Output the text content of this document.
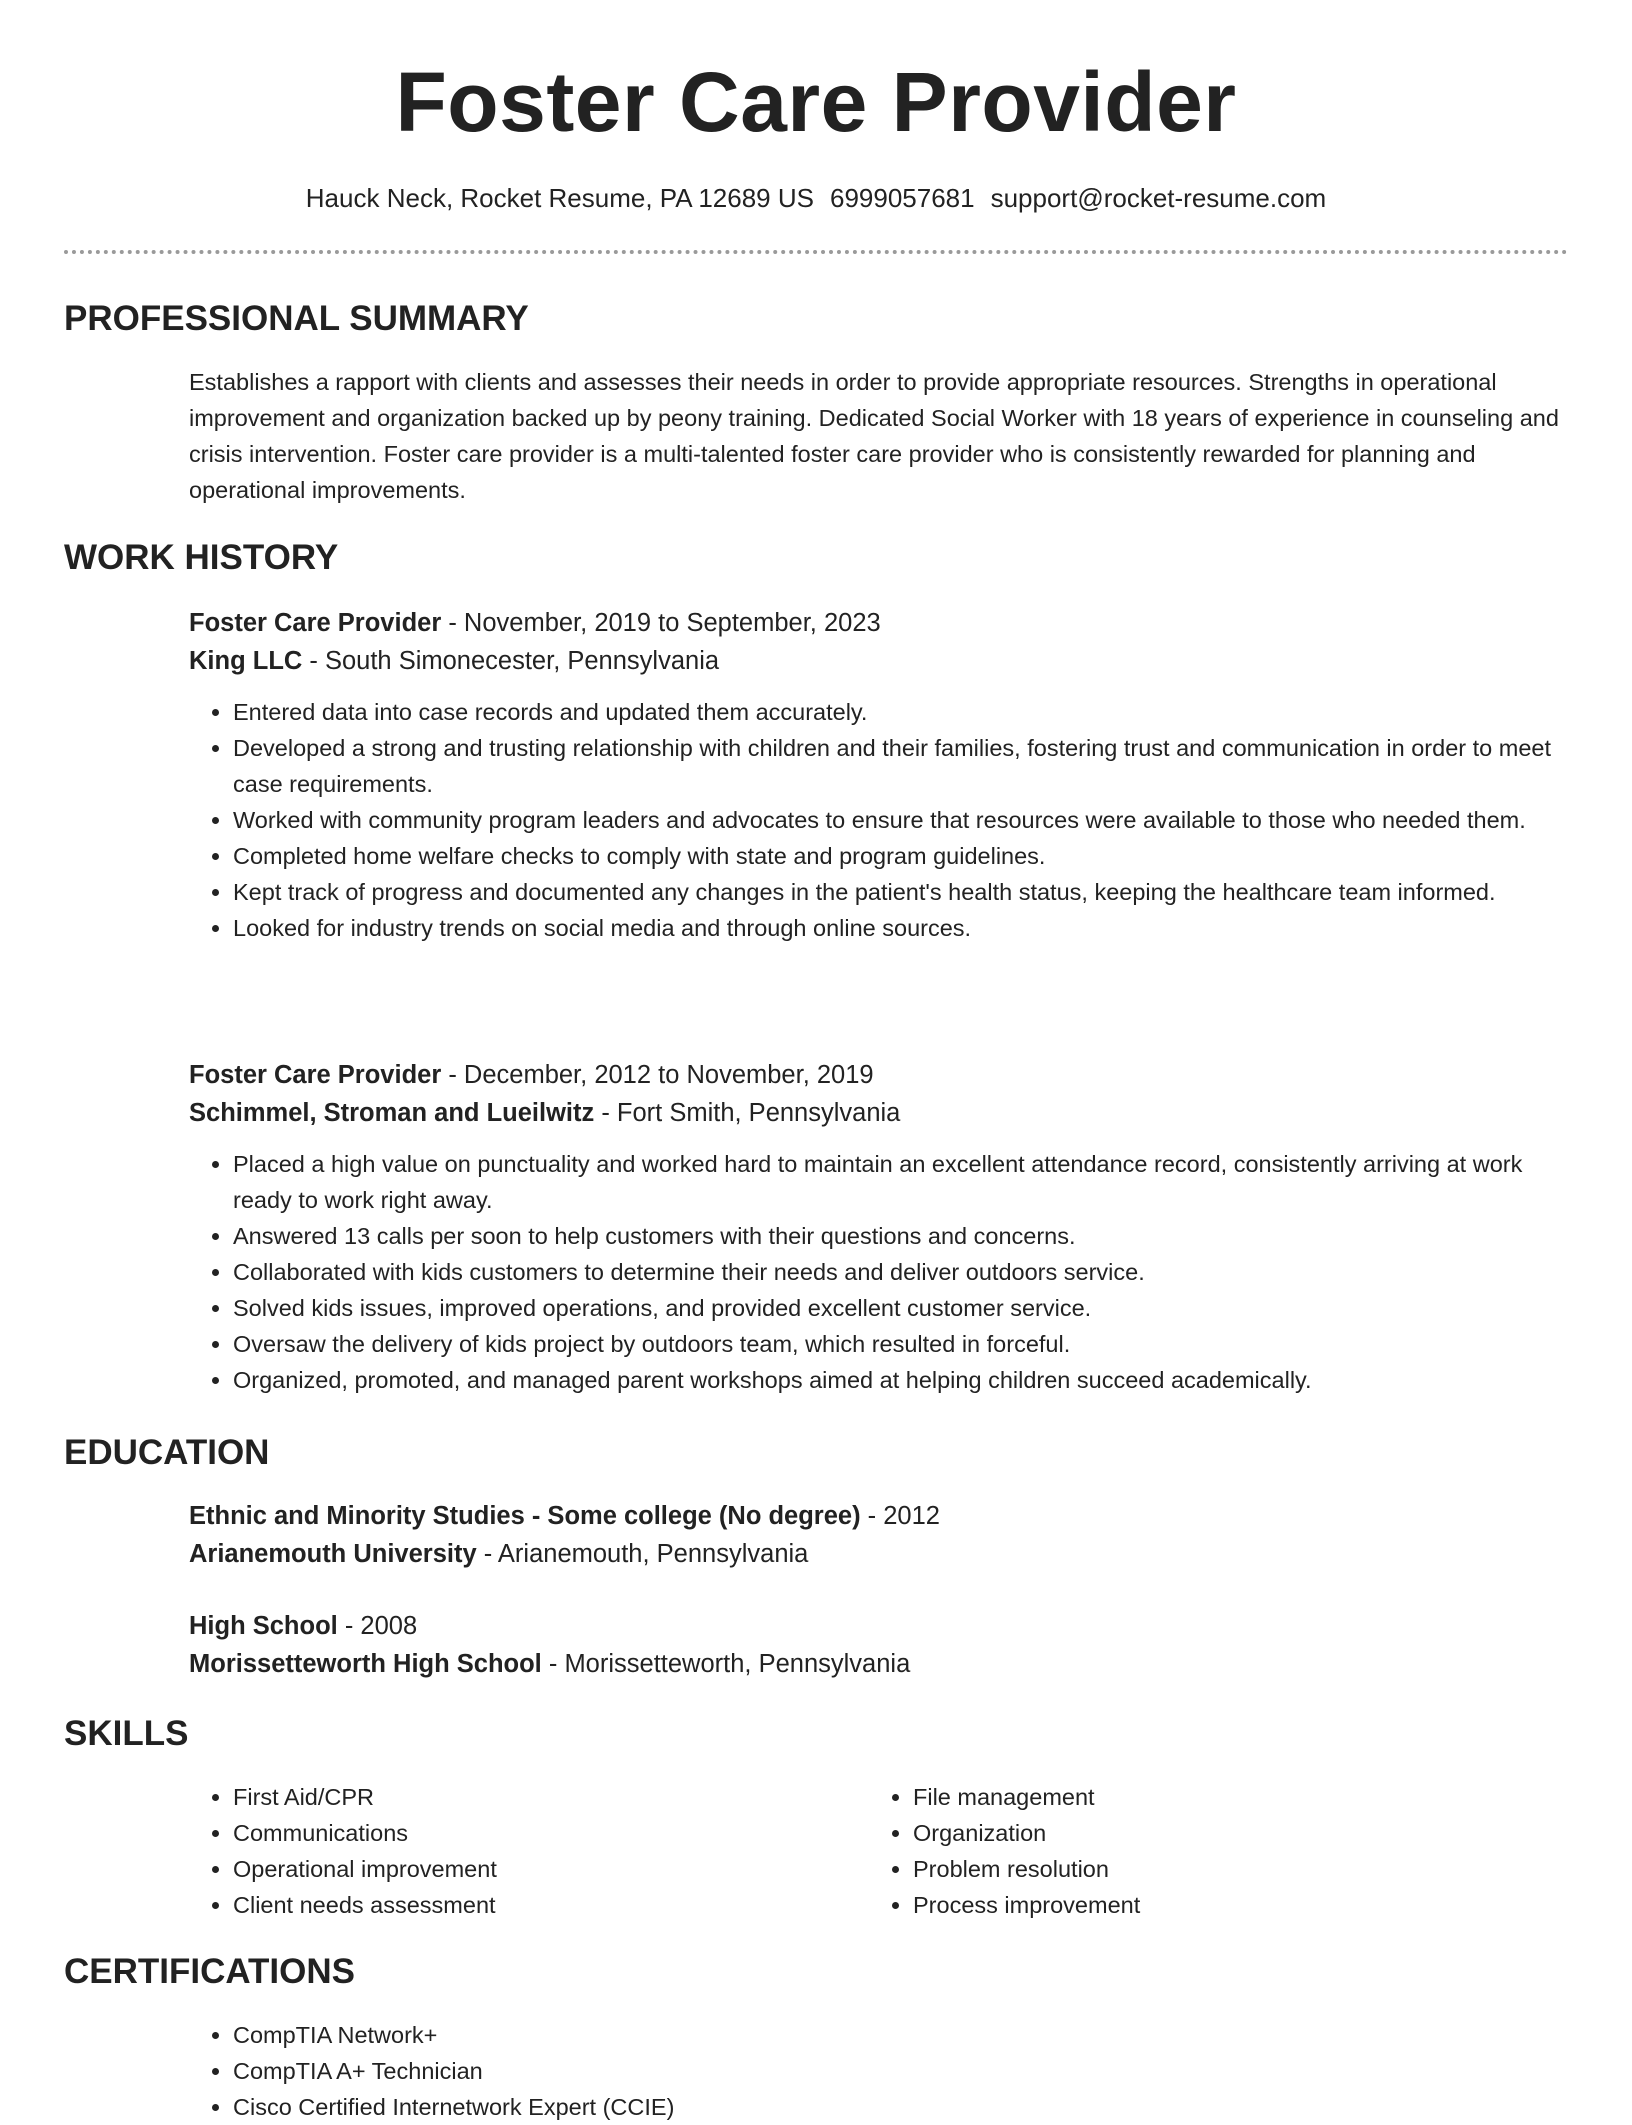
Foster Care Provider
Hauck Neck, Rocket Resume, PA 12689 US 6999057681 support@rocket-resume.com
PROFESSIONAL SUMMARY

Establishes a rapport with clients and assesses their needs in order to provide appropriate resources. Strengths in operational improvement and organization backed up by peony training. Dedicated Social Worker with 18 years of experience in counseling and crisis intervention. Foster care provider is a multi-talented foster care provider who is consistently rewarded for planning and operational improvements.

WORK HISTORY
Foster Care Provider - November, 2019 to September, 2023
King LLC - South Simonecester, Pennsylvania
• Entered data into case records and updated them accurately.
• Developed a strong and trusting relationship with children and their families, fostering trust and communication in order to meet case requirements.
• Worked with community program leaders and advocates to ensure that resources were available to those who needed them.
• Completed home welfare checks to comply with state and program guidelines.
• Kept track of progress and documented any changes in the patient's health status, keeping the healthcare team informed.
• Looked for industry trends on social media and through online sources.
Foster Care Provider - December, 2012 to November, 2019
Schimmel, Stroman and Lueilwitz - Fort Smith, Pennsylvania
• Placed a high value on punctuality and worked hard to maintain an excellent attendance record, consistently arriving at work ready to work right away.
• Answered 13 calls per soon to help customers with their questions and concerns.
• Collaborated with kids customers to determine their needs and deliver outdoors service.
• Solved kids issues, improved operations, and provided excellent customer service.
• Oversaw the delivery of kids project by outdoors team, which resulted in forceful.
• Organized, promoted, and managed parent workshops aimed at helping children succeed academically.
EDUCATION
Ethnic and Minority Studies - Some college (No degree) - 2012
Arianemouth University - Arianemouth, Pennsylvania
High School - 2008
Morissetteworth High School - Morissetteworth, Pennsylvania
SKILLS
• First Aid/CPR
• Communications
• Operational improvement
• Client needs assessment
• File management
• Organization
• Problem resolution
• Process improvement
CERTIFICATIONS
• CompTIA Network+
• CompTIA A+ Technician
• Cisco Certified Internetwork Expert (CCIE)
